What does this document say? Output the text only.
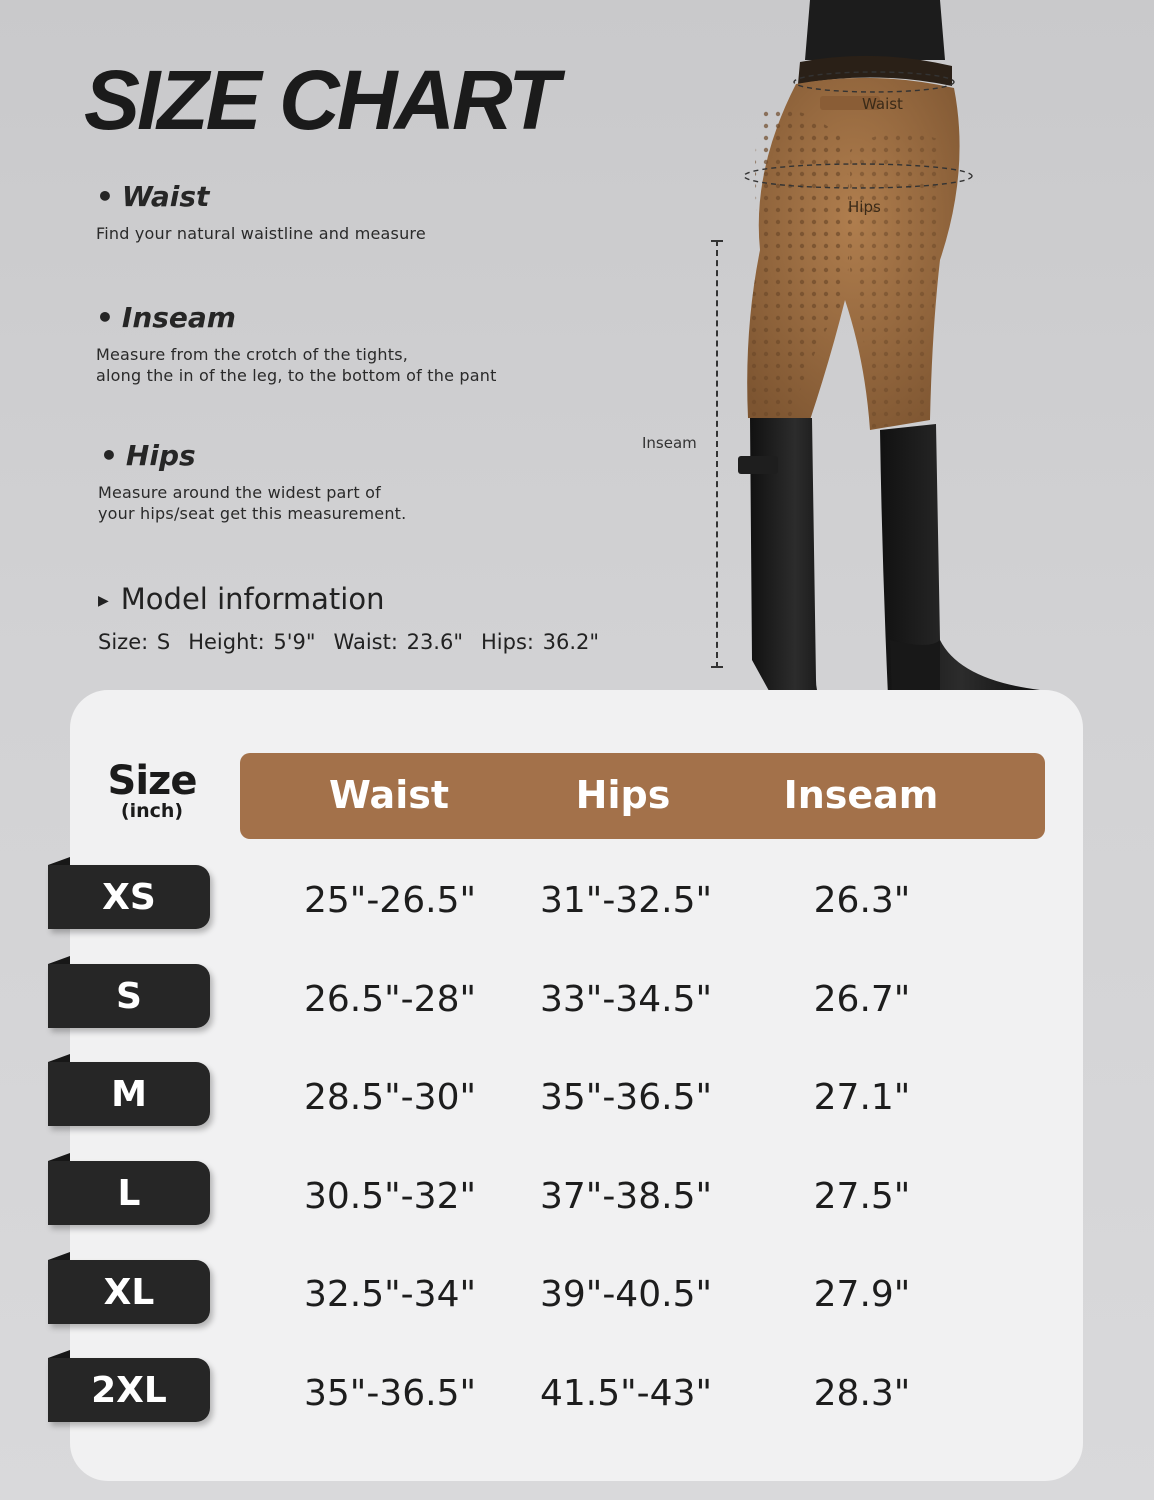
SIZE CHART
• Waist
Find your natural waistline and measure
• Inseam
Measure from the crotch of the tights,
along the in of the leg, to the bottom of the pant
• Hips
Measure around the widest part of
your hips/seat get this measurement.
▶ Model information
Size: S Height: 5'9" Waist: 23.6" Hips: 36.2"
Waist
Hips
Inseam
Size
(inch)	Waist	Hips	Inseam
XS	25"-26.5"	31"-32.5"	26.3"
S	26.5"-28"	33"-34.5"	26.7"
M	28.5"-30"	35"-36.5"	27.1"
L	30.5"-32"	37"-38.5"	27.5"
XL	32.5"-34"	39"-40.5"	27.9"
2XL	35"-36.5"	41.5"-43"	28.3"
